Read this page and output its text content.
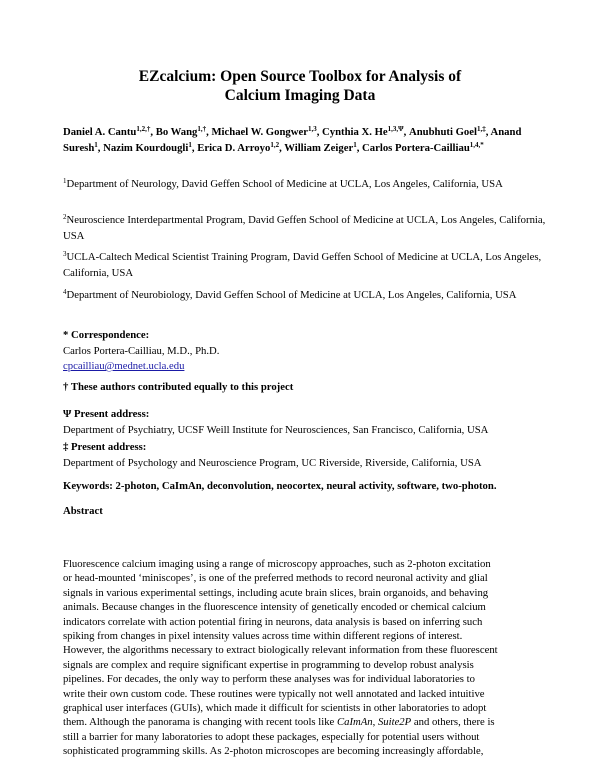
EZcalcium: Open Source Toolbox for Analysis of
Calcium Imaging Data
Daniel A. Cantu$^{1,2,\dagger}$, Bo Wang$^{1,\dagger}$, Michael W. Gongwer$^{1,3}$, Cynthia X. $He^{1,3,\Psi}$, Anubhuti Goel$^{1,\ddagger}$, Anand Suresh$^1$, Nazim Kourdougli$^1$, Erica D. Arroyo$^{1,2}$, William Zeiger$^1$, Carlos Portera-Cailliau$^{1,4,*}$
$^1$Department of Neurology, David Geffen School of Medicine at UCLA, Los Angeles, California, USA
$^2$Neuroscience Interdepartmental Program, David Geffen School of Medicine at UCLA, Los Angeles, California, USA
$^3$UCLA-Caltech Medical Scientist Training Program, David Geffen School of Medicine at UCLA, Los Angeles, California, USA
$^4$Department of Neurobiology, David Geffen School of Medicine at UCLA, Los Angeles, California, USA
* Correspondence:
Carlos Portera-Cailliau, M.D., Ph.D.
cpcailliau@mednet.ucla.edu
† These authors contributed equally to this project
Ψ Present address:
Department of Psychiatry, UCSF Weill Institute for Neurosciences, San Francisco, California, USA
‡ Present address:
Department of Psychology and Neuroscience Program, UC Riverside, Riverside, California, USA
Keywords: 2-photon, CaImAn, deconvolution, neocortex, neural activity, software, two-photon.
Abstract
Fluorescence calcium imaging using a range of microscopy approaches, such as 2-photon excitation
or head-mounted ‘miniscopes’, is one of the preferred methods to record neuronal activity and glial
signals in various experimental settings, including acute brain slices, brain organoids, and behaving
animals. Because changes in the fluorescence intensity of genetically encoded or chemical calcium
indicators correlate with action potential firing in neurons, data analysis is based on inferring such
spiking from changes in pixel intensity values across time within different regions of interest.
However, the algorithms necessary to extract biologically relevant information from these fluorescent
signals are complex and require significant expertise in programming to develop robust analysis
pipelines. For decades, the only way to perform these analyses was for individual laboratories to
write their own custom code. These routines were typically not well annotated and lacked intuitive
graphical user interfaces (GUIs), which made it difficult for scientists in other laboratories to adopt
them. Although the panorama is changing with recent tools like CaImAn, Suite2P and others, there is
still a barrier for many laboratories to adopt these packages, especially for potential users without
sophisticated programming skills. As 2-photon microscopes are becoming increasingly affordable,
